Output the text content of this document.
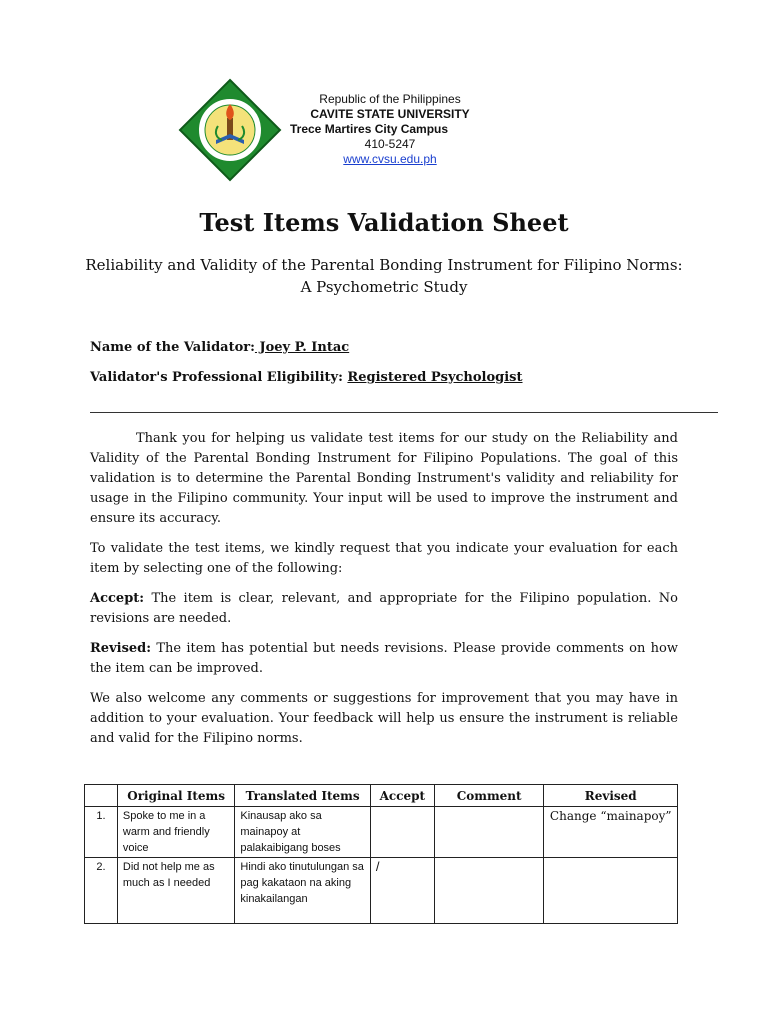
Republic of the Philippines
CAVITE STATE UNIVERSITY
Trece Martires City Campus
410-5247
www.cvsu.edu.ph
Test Items Validation Sheet
Reliability and Validity of the Parental Bonding Instrument for Filipino Norms:
A Psychometric Study
Name of the Validator: Joey P. Intac
Validator's Professional Eligibility: Registered Psychologist

Thank you for helping us validate test items for our study on the Reliability and Validity of the Parental Bonding Instrument for Filipino Populations. The goal of this validation is to determine the Parental Bonding Instrument's validity and reliability for usage in the Filipino community. Your input will be used to improve the instrument and ensure its accuracy.

To validate the test items, we kindly request that you indicate your evaluation for each item by selecting one of the following:

Accept: The item is clear, relevant, and appropriate for the Filipino population. No revisions are needed.

Revised: The item has potential but needs revisions. Please provide comments on how the item can be improved.

We also welcome any comments or suggestions for improvement that you may have in addition to your evaluation. Your feedback will help us ensure the instrument is reliable and valid for the Filipino norms.

	Original Items	Translated Items	Accept	Comment	Revised
1.	Spoke to me in a warm and friendly voice	Kinausap ako sa mainapoy at palakaibigang boses			Change “mainapoy”
2.	Did not help me as much as I needed	Hindi ako tinutulungan sa pag kakataon na aking kinakailangan	/		
